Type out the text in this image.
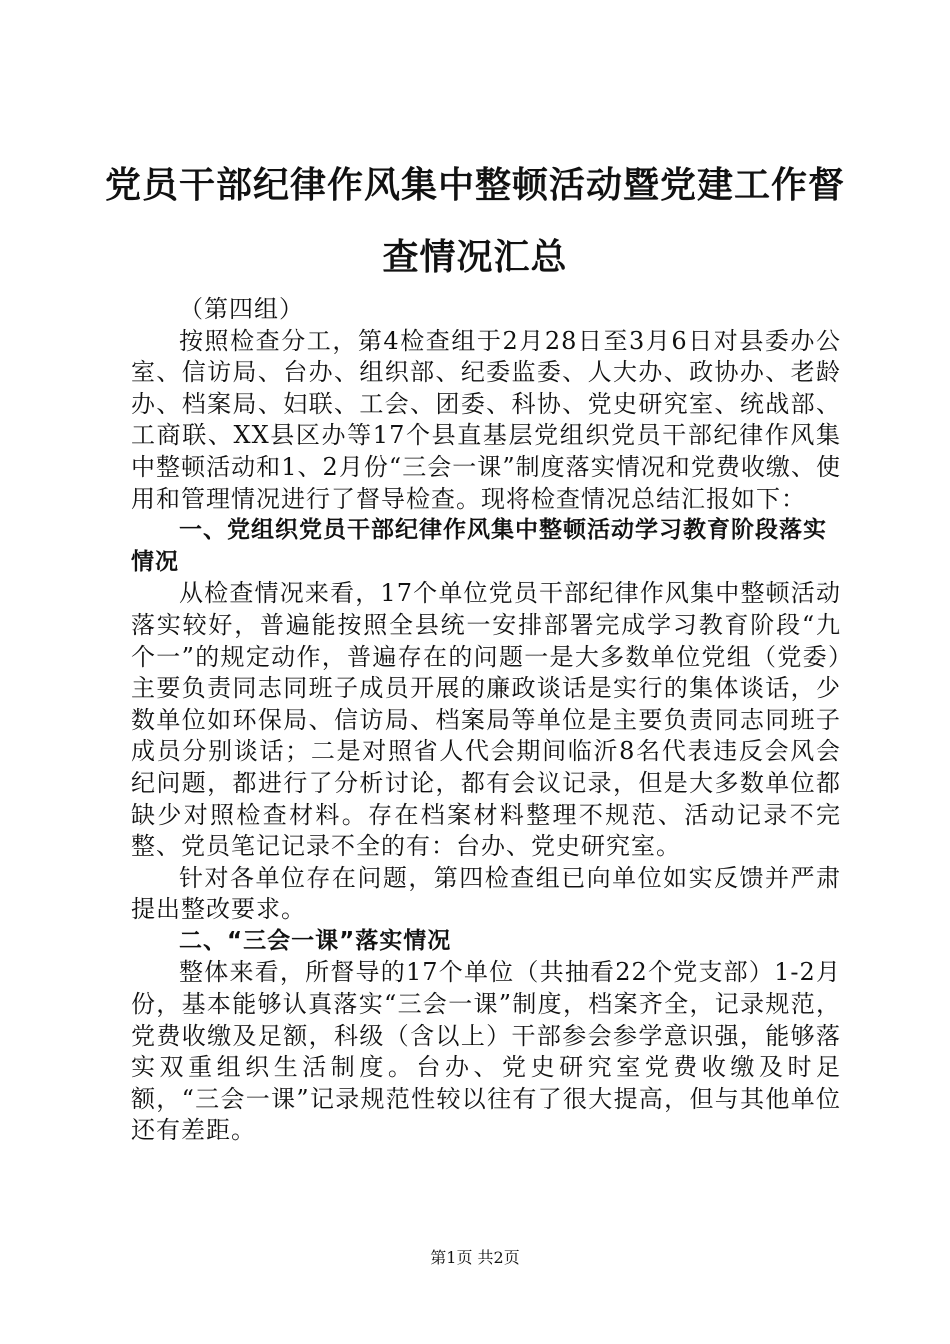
党员干部纪律作风集中整顿活动暨党建工作督
查情况汇总

（第四组）

按照检查分工，第4检查组于2月28日至3月6日对县委办公室、信访局、台办、组织部、纪委监委、人大办、政协办、老龄办、档案局、妇联、工会、团委、科协、党史研究室、统战部、工商联、XX县区办等17个县直基层党组织党员干部纪律作风集中整顿活动和1、2月份“三会一课”制度落实情况和党费收缴、使用和管理情况进行了督导检查。现将检查情况总结汇报如下：

一、党组织党员干部纪律作风集中整顿活动学习教育阶段落实情况

从检查情况来看，17个单位党员干部纪律作风集中整顿活动落实较好，普遍能按照全县统一安排部署完成学习教育阶段“九个一”的规定动作，普遍存在的问题一是大多数单位党组（党委）主要负责同志同班子成员开展的廉政谈话是实行的集体谈话，少数单位如环保局、信访局、档案局等单位是主要负责同志同班子成员分别谈话；二是对照省人代会期间临沂8名代表违反会风会纪问题，都进行了分析讨论，都有会议记录，但是大多数单位都缺少对照检查材料。存在档案材料整理不规范、活动记录不完整、党员笔记记录不全的有：台办、党史研究室。

针对各单位存在问题，第四检查组已向单位如实反馈并严肃提出整改要求。

二、“三会一课”落实情况

整体来看，所督导的17个单位（共抽看22个党支部）1-2月份，基本能够认真落实“三会一课”制度，档案齐全，记录规范，党费收缴及足额，科级（含以上）干部参会参学意识强，能够落实双重组织生活制度。台办、党史研究室党费收缴及时足额，“三会一课”记录规范性较以往有了很大提高，但与其他单位还有差距。

第1页 共2页
